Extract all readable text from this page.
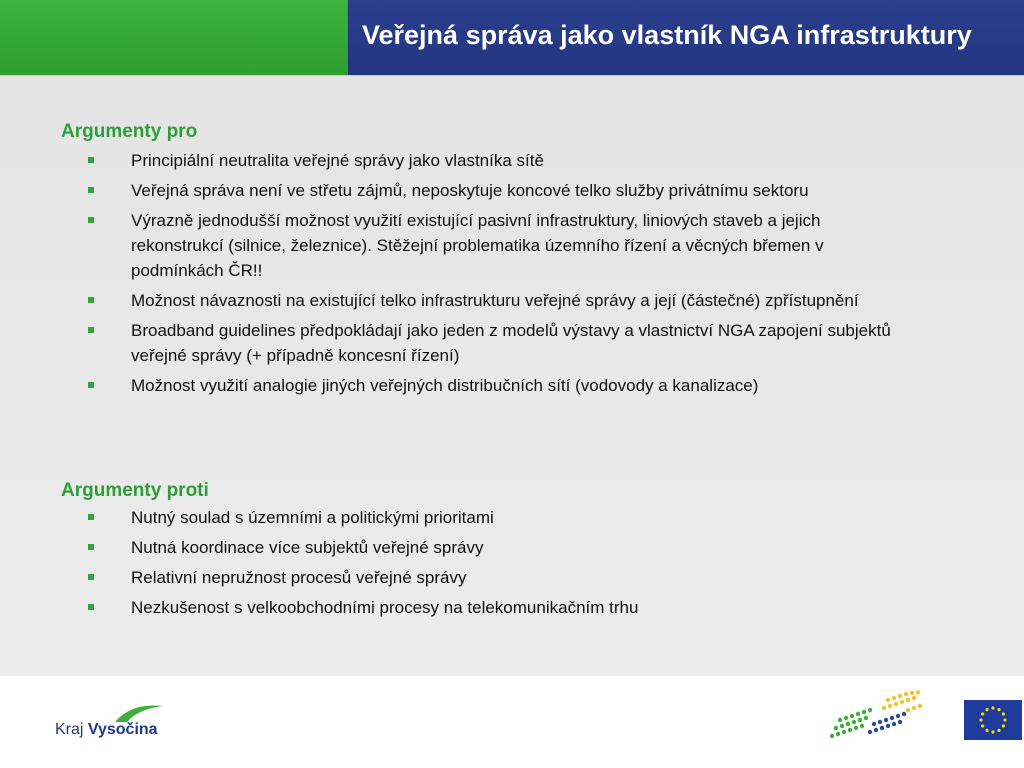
Veřejná správa jako vlastník NGA infrastruktury
Argumenty pro
Principiální neutralita veřejné správy jako vlastníka sítě
Veřejná správa není ve střetu zájmů, neposkytuje koncové telko služby privátnímu sektoru
Výrazně jednodušší možnost využití existující pasivní infrastruktury, liniových staveb a jejich rekonstrukcí (silnice, železnice). Stěžejní problematika územního řízení a věcných břemen v podmínkách ČR!!
Možnost návaznosti na existující telko infrastrukturu veřejné správy a její (částečné) zpřístupnění
Broadband guidelines předpokládají jako jeden z modelů výstavy a vlastnictví NGA zapojení subjektů veřejné správy (+ případně koncesní řízení)
Možnost využití analogie jiných veřejných distribučních sítí (vodovody a kanalizace)
Argumenty proti
Nutný soulad s územními a politickými prioritami
Nutná koordinace více subjektů veřejné správy
Relativní nepružnost procesů veřejné správy
Nezkušenost s velkoobchodními procesy na telekomunikačním trhu
Kraj Vysočina
